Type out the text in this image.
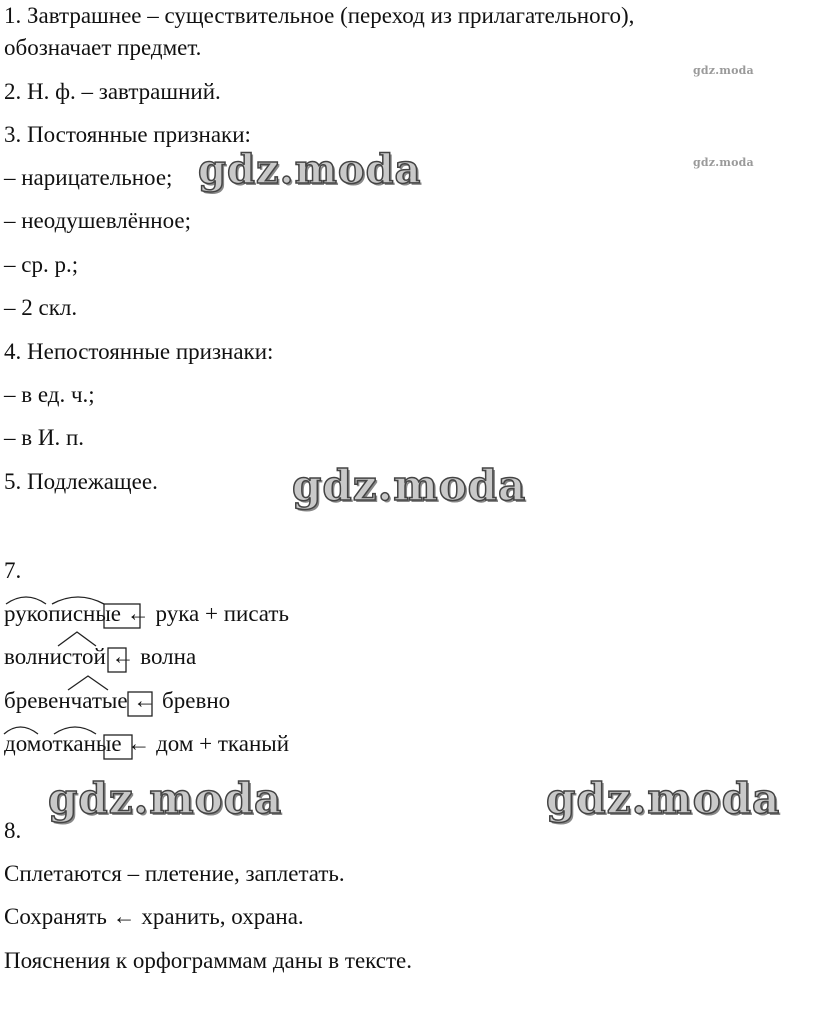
1. Завтрашнее – существительное (переход из прилагательного),
обозначает предмет.
2. Н. ф. – завтрашний.
3. Постоянные признаки:
– нарицательное;
– неодушевлённое;
– ср. р.;
– 2 скл.
4. Непостоянные признаки:
– в ед. ч.;
– в И. п.
5. Подлежащее.
7.
рукописные ← рука + писать
волнистой ← волна
бревенчатые ← бревно
домотканые ← дом + тканый
8.
Сплетаются – плетение, заплетать.
Сохранять ← хранить, охрана.
Пояснения к орфограммам даны в тексте.
gdz.moda
gdz.moda
gdz.moda
gdz.moda
gdz.moda	gdz.moda
